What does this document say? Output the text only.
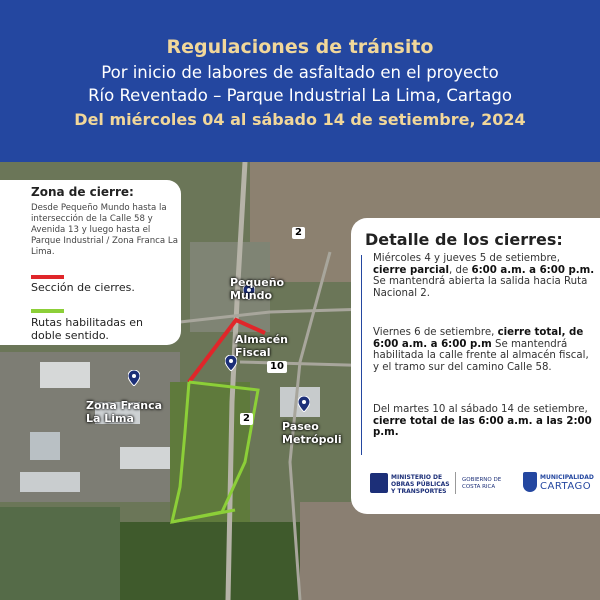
Regulaciones de tránsito
Por inicio de labores de asfaltado en el proyecto
Río Reventado – Parque Industrial La Lima, Cartago
Del miércoles 04 al sábado 14 de setiembre, 2024
Pequeño Mundo
Almacén Fiscal
Zona Franca La Lima
Paseo Metrópoli
2
10
2
Zona de cierre:
Desde Pequeño Mundo hasta la intersección de la Calle 58 y Avenida 13 y luego hasta el Parque Industrial / Zona Franca La Lima.
Sección de cierres.
Rutas habilitadas en doble sentido.
Detalle de los cierres:
Miércoles 4 y jueves 5 de setiembre, cierre parcial, de 6:00 a.m. a 6:00 p.m. Se mantendrá abierta la salida hacia Ruta Nacional 2.
Viernes 6 de setiembre, cierre total, de 6:00 a.m. a 6:00 p.m Se mantendrá habilitada la calle frente al almacén fiscal, y el tramo sur del camino Calle 58.
Del martes 10 al sábado 14 de setiembre, cierre total de las 6:00 a.m. a las 2:00 p.m.
MINISTERIO DE OBRAS PÚBLICAS Y TRANSPORTES
GOBIERNO DE COSTA RICA
MUNICIPALIDAD
CARTAGO
